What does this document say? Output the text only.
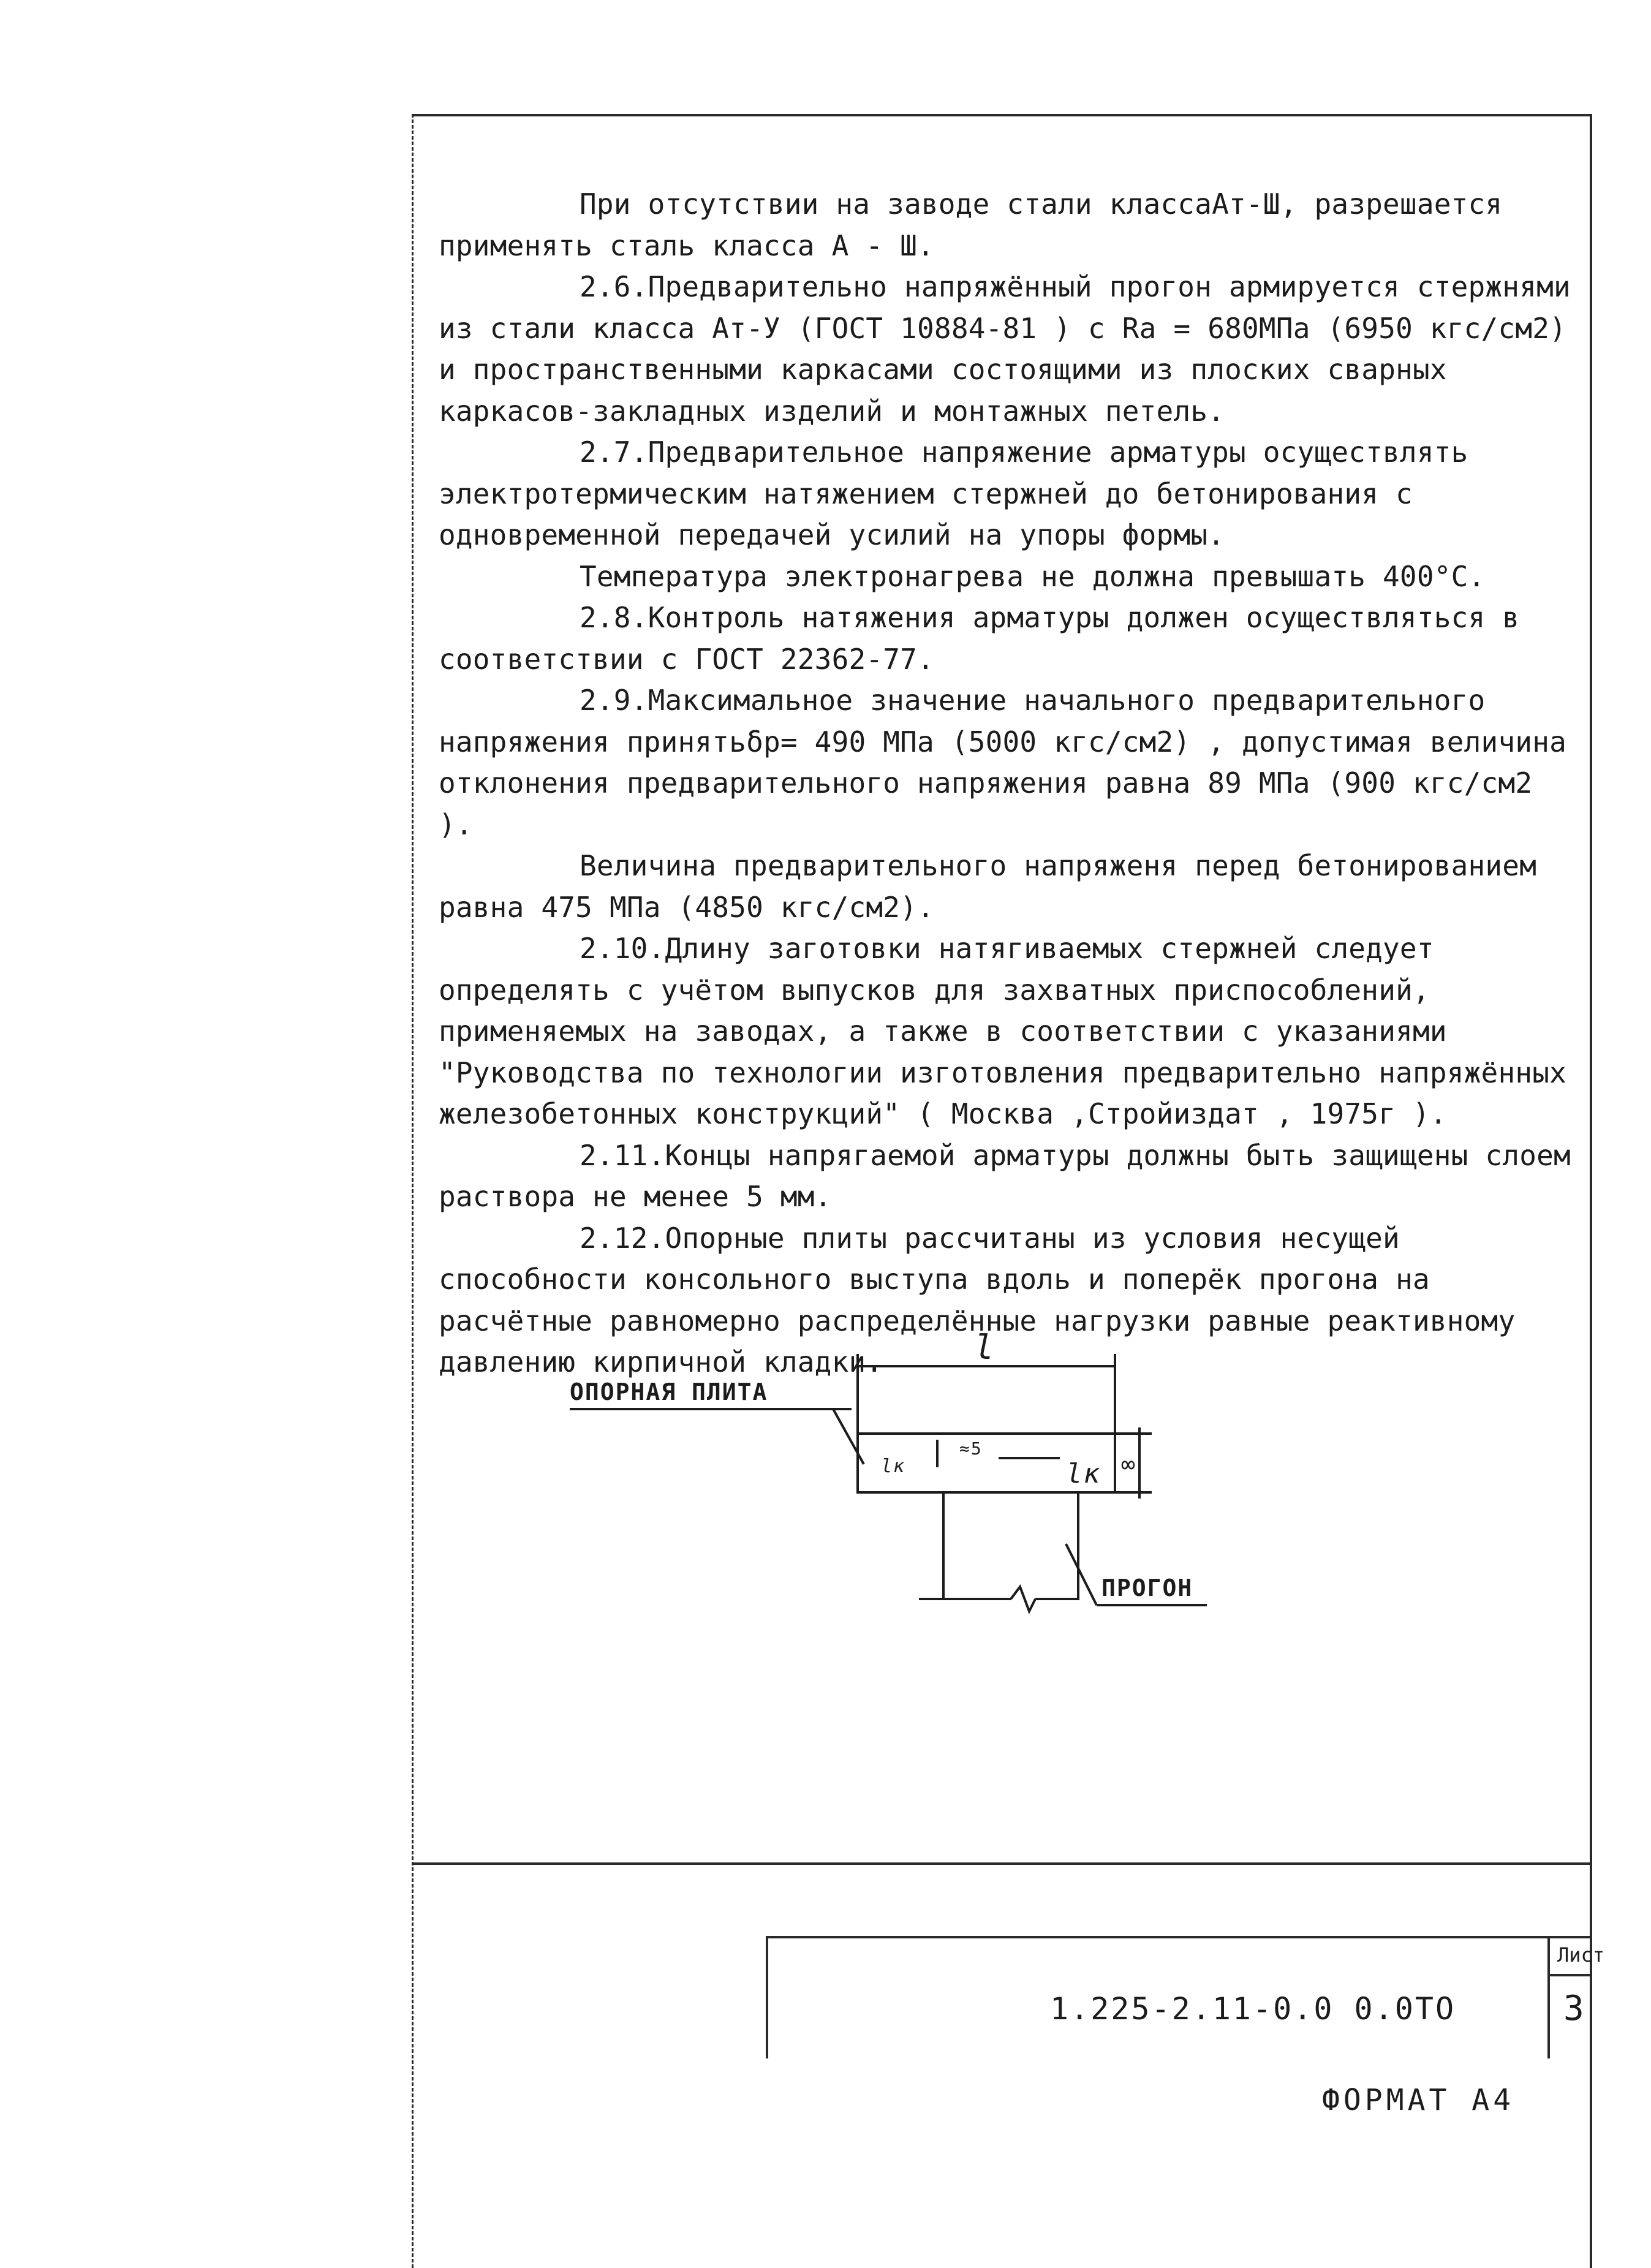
При отсутствии на заводе стали классаАт-Ш, разрешается применять сталь класса А - Ш.

2.6.Предварительно напряжённый прогон армируется стержнями из стали класса Ат-У (ГОСТ 10884-81 ) с Ra = 680МПа (6950 кгс/см2) и пространственными каркасами состоящими из плоских сварных каркасов-закладных изделий и монтажных петель.

2.7.Предварительное напряжение арматуры осуществлять электротермическим натяжением стержней до бетонирования с одновременной передачей усилий на упоры формы.

Температура электронагрева не должна превышать 400°С.

2.8.Контроль натяжения арматуры должен осуществляться в соответствии с ГОСТ 22362-77.

2.9.Максимальное значение начального предварительного напряжения принятьδр= 490 МПа (5000 кгс/см2) , допустимая величина отклонения предварительного напряжения равна 89 МПа (900 кгс/см2 ).

Величина предварительного напряженя перед бетонированием равна 475 МПа (4850 кгс/см2).

2.10.Длину заготовки натягиваемых стержней следует определять с учётом выпусков для захватных приспособлений, применяемых на заводах, а также в соответствии с указаниями "Руководства по технологии изготовления предварительно напряжённых железобетонных конструкций" ( Москва ,Стройиздат , 1975г ).

2.11.Концы напрягаемой арматуры должны быть защищены слоем раствора не менее 5 мм.

2.12.Опорные плиты рассчитаны из условия несущей способности консольного выступа вдоль и поперёк прогона на расчётные равномерно распределённые нагрузки равные реактивному давлению кирпичной кладки.

ОПОРНАЯ ПЛИТА
ПРОГОН
l
lк
lк
≈5
∞
1.225-2.11-0.0 0.0ТО
Лист
3
ФОРМАТ А4
